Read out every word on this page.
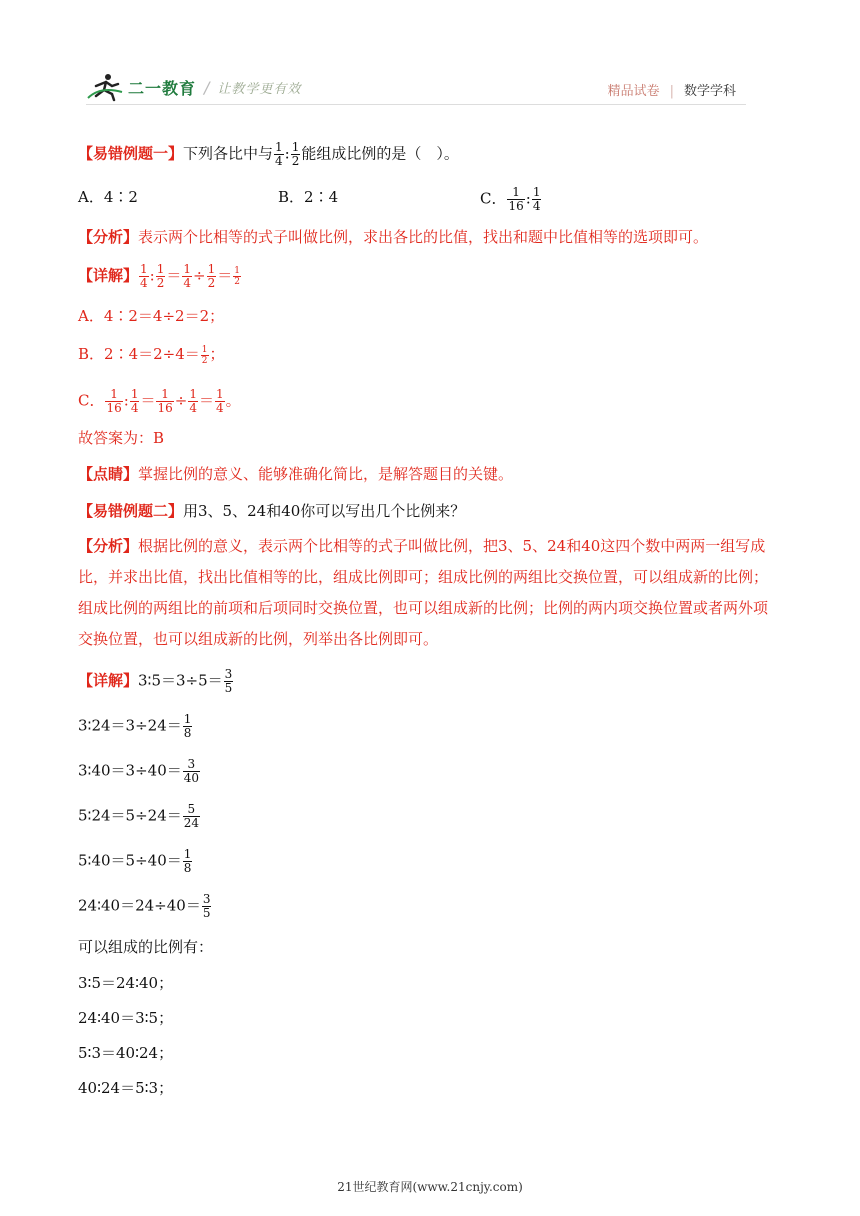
二一教育 / 让教学更有效	精品试卷 | 数学学科
【易错例题一】下列各比中与 $\frac{1}{4}$ : $\frac{1}{2}$ 能组成比例的是（　）。
A．4∶2	B．2∶4	C． $\frac{1}{16}$ : $\frac{1}{4}$
【分析】表示两个比相等的式子叫做比例，求出各比的比值，找出和题中比值相等的选项即可。
【详解】 $\frac{1}{4}$ : $\frac{1}{2} = \frac{1}{4} \div \frac{1}{2} = \frac{1}{2}$
A．4∶2＝4÷2＝2；
B．2∶4＝2÷4＝ $\frac{1}{2}$ ；
C． $\frac{1}{16}$ : $\frac{1}{4} = \frac{1}{16} \div \frac{1}{4} = \frac{1}{4}$ 。
故答案为：B
【点睛】掌握比例的意义、能够准确化简比，是解答题目的关键。
【易错例题二】用3、5、24和40你可以写出几个比例来？
【分析】根据比例的意义，表示两个比相等的式子叫做比例，把3、5、24和40这四个数中两两一组写成比，并求出比值，找出比值相等的比，组成比例即可；组成比例的两组比交换位置，可以组成新的比例；组成比例的两组比的前项和后项同时交换位置，也可以组成新的比例；比例的两内项交换位置或者两外项交换位置，也可以组成新的比例，列举出各比例即可。
【详解】3∶5＝3÷5＝ $\frac{3}{5}$
3∶24＝3÷24＝ $\frac{1}{8}$
3∶40＝3÷40＝ $\frac{3}{40}$
5∶24＝5÷24＝ $\frac{5}{24}$
5∶40＝5÷40＝ $\frac{1}{8}$
24∶40＝24÷40＝ $\frac{3}{5}$
可以组成的比例有：
3∶5＝24∶40；
24∶40＝3∶5；
5∶3＝40∶24；
40∶24＝5∶3；
21世纪教育网(www.21cnjy.com)
